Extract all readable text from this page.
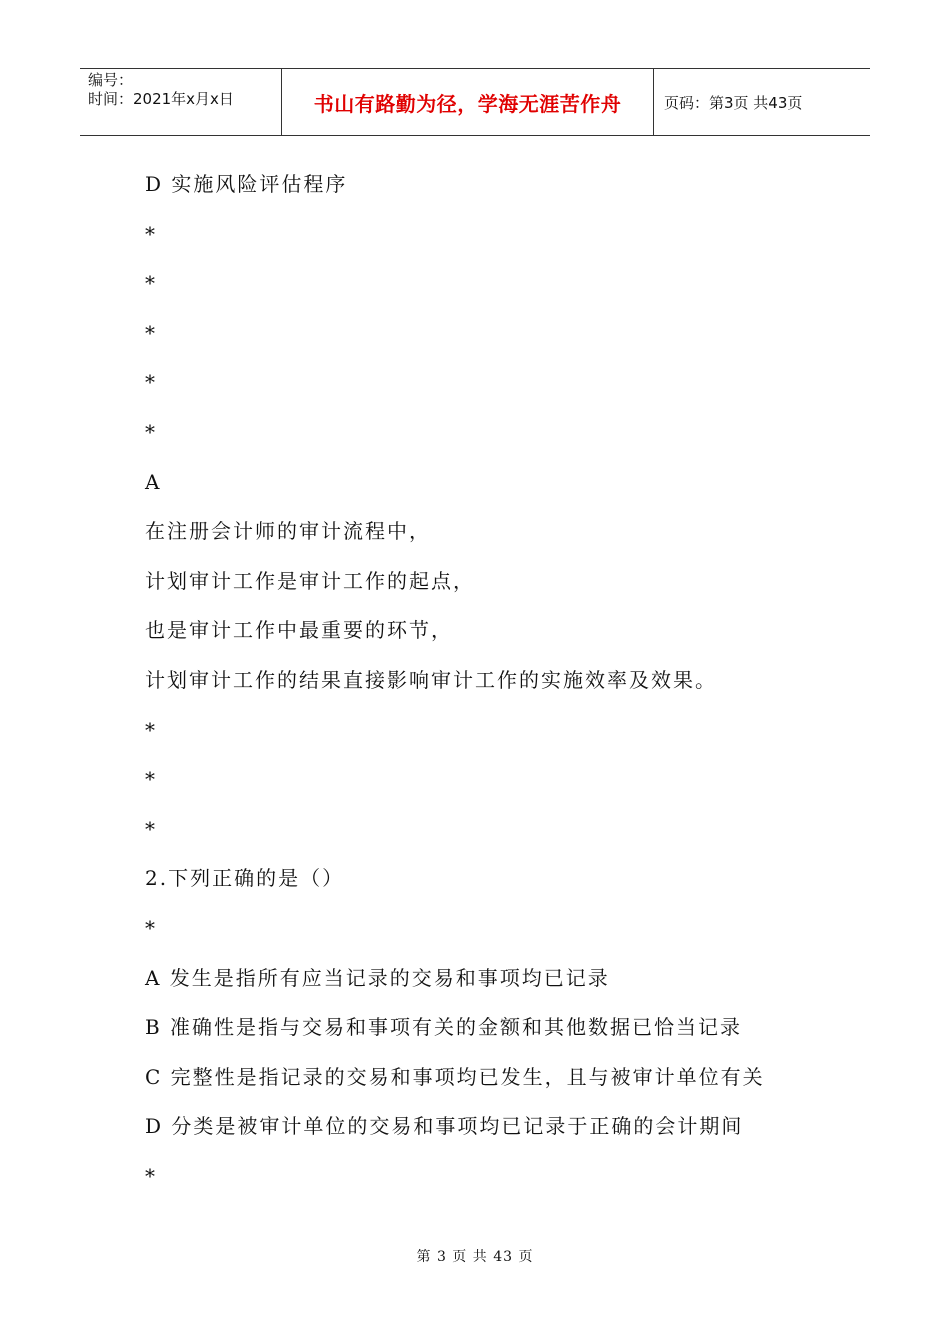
编号：
时间：2021年x月x日	书山有路勤为径，学海无涯苦作舟	页码：第3页 共43页
D 实施风险评估程序
*
*
*
*
*
A
在注册会计师的审计流程中，
计划审计工作是审计工作的起点，
也是审计工作中最重要的环节，
计划审计工作的结果直接影响审计工作的实施效率及效果。
*
*
*
2.下列正确的是（）
*
A 发生是指所有应当记录的交易和事项均已记录
B 准确性是指与交易和事项有关的金额和其他数据已恰当记录
C 完整性是指记录的交易和事项均已发生，且与被审计单位有关
D 分类是被审计单位的交易和事项均已记录于正确的会计期间
*
第 3 页 共 43 页
